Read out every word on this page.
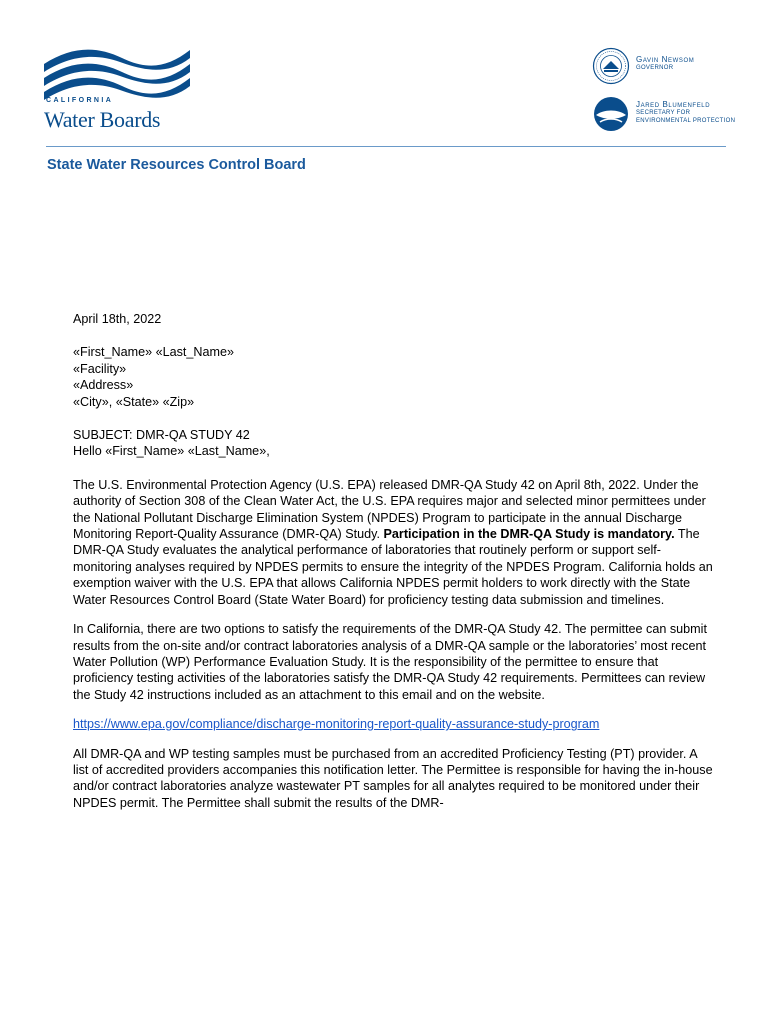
CALIFORNIA
Water Boards
Gavin Newsom
GOVERNOR
Jared Blumenfeld
SECRETARY FOR
ENVIRONMENTAL PROTECTION
State Water Resources Control Board

April 18th, 2022

«First_Name» «Last_Name»

«Facility»

«Address»

«City», «State» «Zip»

SUBJECT: DMR-QA STUDY 42

Hello «First_Name» «Last_Name»,

The U.S. Environmental Protection Agency (U.S. EPA) released DMR-QA Study 42 on April 8th, 2022. Under the authority of Section 308 of the Clean Water Act, the U.S. EPA requires major and selected minor permittees under the National Pollutant Discharge Elimination System (NPDES) Program to participate in the annual Discharge Monitoring Report-Quality Assurance (DMR-QA) Study. Participation in the DMR-QA Study is mandatory. The DMR-QA Study evaluates the analytical performance of laboratories that routinely perform or support self-monitoring analyses required by NPDES permits to ensure the integrity of the NPDES Program. California holds an exemption waiver with the U.S. EPA that allows California NPDES permit holders to work directly with the State Water Resources Control Board (State Water Board) for proficiency testing data submission and timelines.

In California, there are two options to satisfy the requirements of the DMR-QA Study 42. The permittee can submit results from the on-site and/or contract laboratories analysis of a DMR-QA sample or the laboratories’ most recent Water Pollution (WP) Performance Evaluation Study. It is the responsibility of the permittee to ensure that proficiency testing activities of the laboratories satisfy the DMR-QA Study 42 requirements. Permittees can review the Study 42 instructions included as an attachment to this email and on the website.

https://www.epa.gov/compliance/discharge-monitoring-report-quality-assurance-study-program

All DMR-QA and WP testing samples must be purchased from an accredited Proficiency Testing (PT) provider. A list of accredited providers accompanies this notification letter. The Permittee is responsible for having the in-house and/or contract laboratories analyze wastewater PT samples for all analytes required to be monitored under their NPDES permit. The Permittee shall submit the results of the DMR-
